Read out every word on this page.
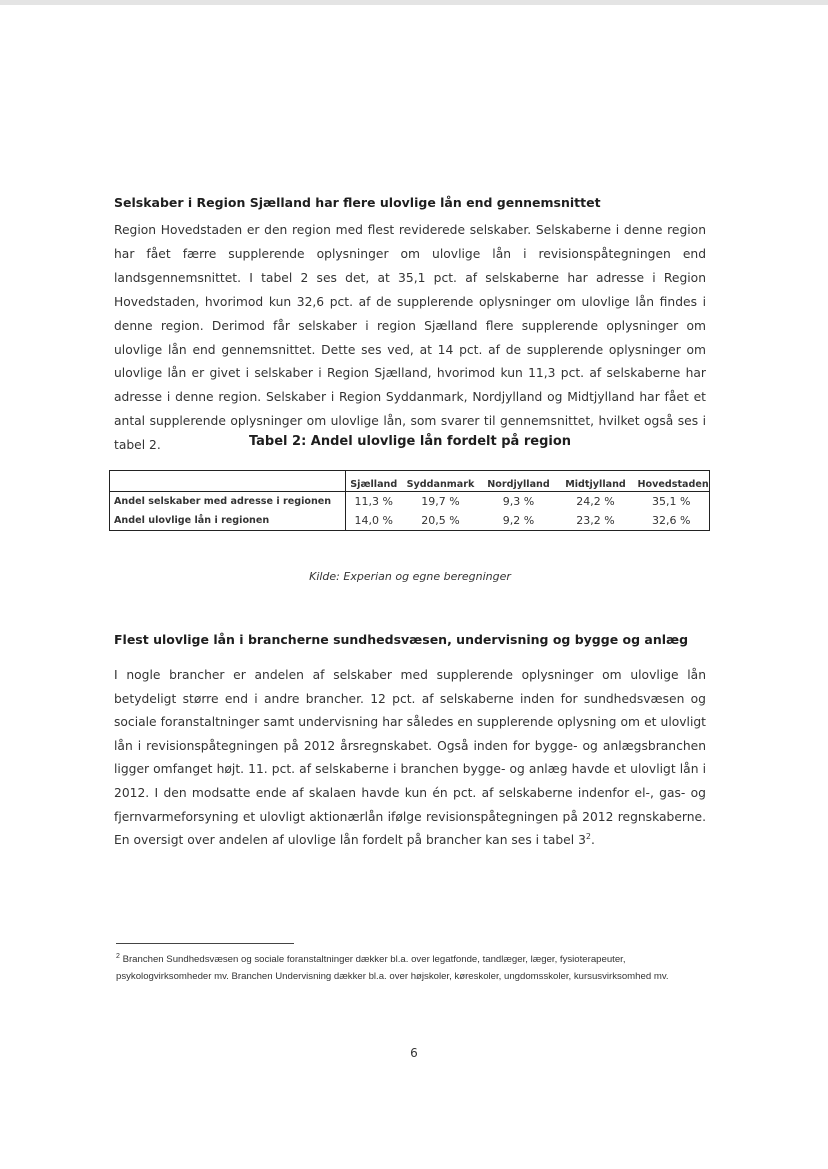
Selskaber i Region Sjælland har flere ulovlige lån end gennemsnittet

Region Hovedstaden er den region med flest reviderede selskaber. Selskaberne i denne region har fået færre supplerende oplysninger om ulovlige lån i revisionspåtegningen end landsgennemsnittet. I tabel 2 ses det, at 35,1 pct. af selskaberne har adresse i Region Hovedstaden, hvorimod kun 32,6 pct. af de supplerende oplysninger om ulovlige lån findes i denne region. Derimod får selskaber i region Sjælland flere supplerende oplysninger om ulovlige lån end gennemsnittet. Dette ses ved, at 14 pct. af de supplerende oplysninger om ulovlige lån er givet i selskaber i Region Sjælland, hvorimod kun 11,3 pct. af selskaberne har adresse i denne region. Selskaber i Region Syddanmark, Nordjylland og Midtjylland har fået et antal supplerende oplysninger om ulovlige lån, som svarer til gennemsnittet, hvilket også ses i tabel 2.	Tabel 2: Andel ulovlige lån fordelt på region

	Sjælland	Syddanmark	Nordjylland	Midtjylland	Hovedstaden
Andel selskaber med adresse i regionen	11,3 %	19,7 %	9,3 %	24,2 %	35,1 %
Andel ulovlige lån i regionen	14,0 %	20,5 %	9,2 %	23,2 %	32,6 %

Kilde: Experian og egne beregninger

Flest ulovlige lån i brancherne sundhedsvæsen, undervisning og bygge og anlæg

I nogle brancher er andelen af selskaber med supplerende oplysninger om ulovlige lån betydeligt større end i andre brancher. 12 pct. af selskaberne inden for sundhedsvæsen og sociale foranstaltninger samt undervisning har således en supplerende oplysning om et ulovligt lån i revisionspåtegningen på 2012 årsregnskabet. Også inden for bygge- og anlægsbranchen ligger omfanget højt. 11. pct. af selskaberne i branchen bygge- og anlæg havde et ulovligt lån i 2012. I den modsatte ende af skalaen havde kun én pct. af selskaberne indenfor el-, gas- og fjernvarmeforsyning et ulovligt aktionærlån ifølge revisionspåtegningen på 2012 regnskaberne. En oversigt over andelen af ulovlige lån fordelt på brancher kan ses i tabel $3^2$.

$^2$ Branchen Sundhedsvæsen og sociale foranstaltninger dækker bl.a. over legatfonde, tandlæger, læger, fysioterapeuter, psykologvirksomheder mv. Branchen Undervisning dækker bl.a. over højskoler, køreskoler, ungdomsskoler, kursusvirksomhed mv.

6
